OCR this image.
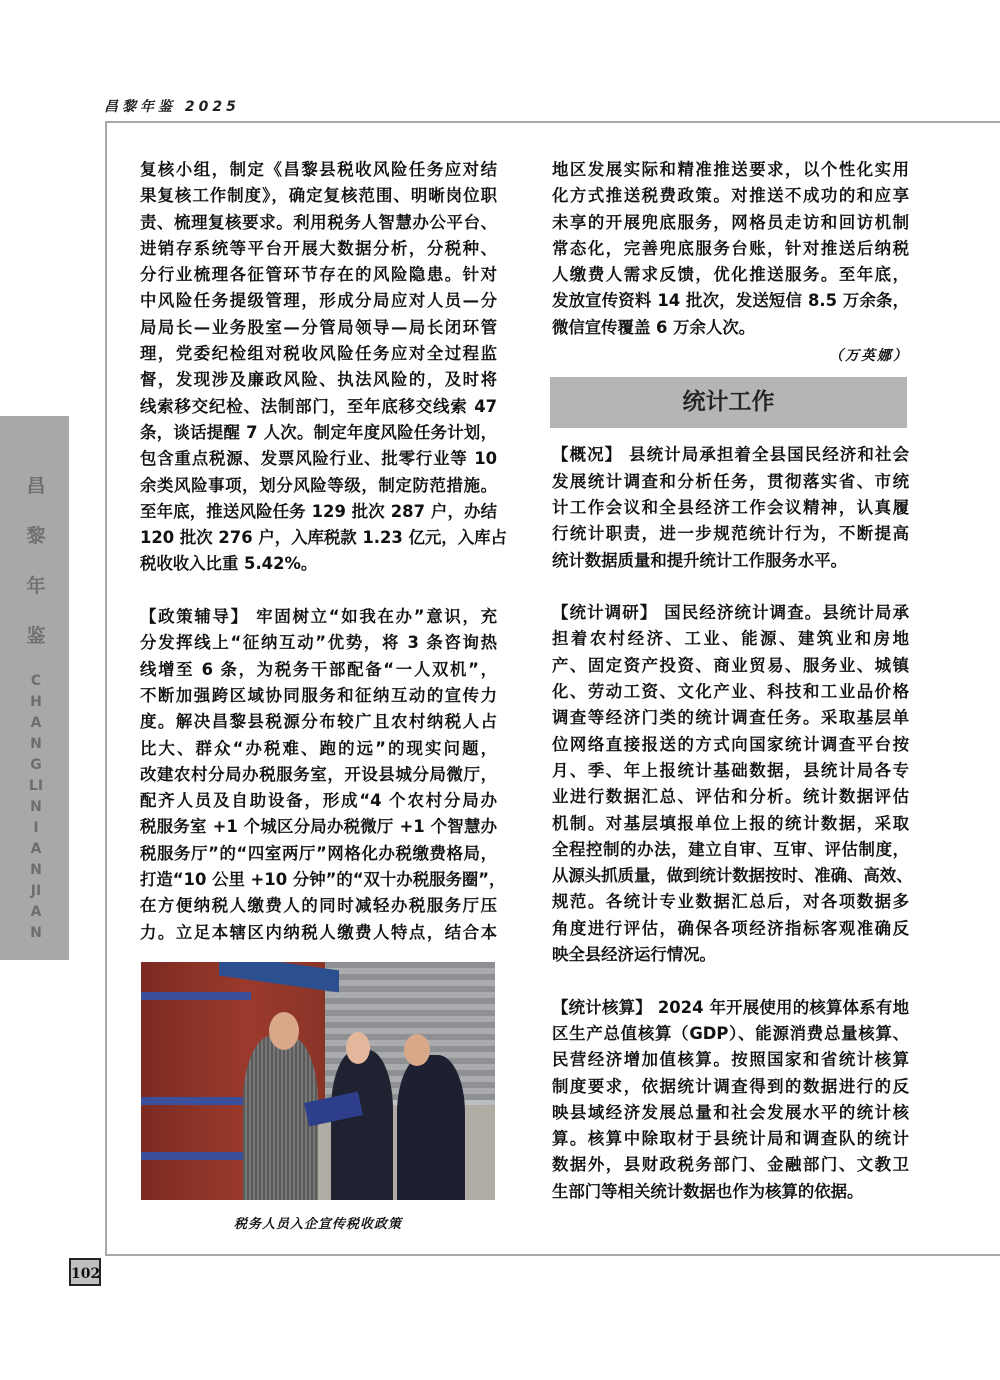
昌黎年鉴 2025
昌
黎
年
鉴
CHANGLINIANJIAN
102
复核小组，制定《昌黎县税收风险任务应对结
果复核工作制度》，确定复核范围、明晰岗位职
责、梳理复核要求。利用税务人智慧办公平台、
进销存系统等平台开展大数据分析，分税种、
分行业梳理各征管环节存在的风险隐患。针对
中风险任务提级管理，形成分局应对人员—分
局局长—业务股室—分管局领导—局长闭环管
理，党委纪检组对税收风险任务应对全过程监
督，发现涉及廉政风险、执法风险的，及时将
线索移交纪检、法制部门，至年底移交线索 47
条，谈话提醒 7 人次。制定年度风险任务计划，
包含重点税源、发票风险行业、批零行业等 10
余类风险事项，划分风险等级，制定防范措施。
至年底，推送风险任务 129 批次 287 户，办结
120 批次 276 户，入库税款 1.23 亿元，入库占
税收收入比重 5.42%。
【政策辅导】 牢固树立“如我在办”意识，充
分发挥线上“征纳互动”优势，将 3 条咨询热
线增至 6 条，为税务干部配备“一人双机”，
不断加强跨区域协同服务和征纳互动的宣传力
度。解决昌黎县税源分布较广且农村纳税人占
比大、群众“办税难、跑的远”的现实问题，
改建农村分局办税服务室，开设县城分局微厅，
配齐人员及自助设备，形成“4 个农村分局办
税服务室 +1 个城区分局办税微厅 +1 个智慧办
税服务厅”的“四室两厅”网格化办税缴费格局，
打造“10 公里 +10 分钟”的“双十办税服务圈”，
在方便纳税人缴费人的同时减轻办税服务厅压
力。立足本辖区内纳税人缴费人特点，结合本
税务人员入企宣传税收政策
地区发展实际和精准推送要求，以个性化实用
化方式推送税费政策。对推送不成功的和应享
未享的开展兜底服务，网格员走访和回访机制
常态化，完善兜底服务台账，针对推送后纳税
人缴费人需求反馈，优化推送服务。至年底，
发放宣传资料 14 批次，发送短信 8.5 万余条，
微信宣传覆盖 6 万余人次。
（万英娜）
统计工作
【概况】 县统计局承担着全县国民经济和社会
发展统计调查和分析任务，贯彻落实省、市统
计工作会议和全县经济工作会议精神，认真履
行统计职责，进一步规范统计行为，不断提高
统计数据质量和提升统计工作服务水平。
【统计调研】 国民经济统计调查。县统计局承
担着农村经济、工业、能源、建筑业和房地
产、固定资产投资、商业贸易、服务业、城镇
化、劳动工资、文化产业、科技和工业品价格
调查等经济门类的统计调查任务。采取基层单
位网络直接报送的方式向国家统计调查平台按
月、季、年上报统计基础数据，县统计局各专
业进行数据汇总、评估和分析。统计数据评估
机制。对基层填报单位上报的统计数据，采取
全程控制的办法，建立自审、互审、评估制度，
从源头抓质量，做到统计数据按时、准确、高效、
规范。各统计专业数据汇总后，对各项数据多
角度进行评估，确保各项经济指标客观准确反
映全县经济运行情况。
【统计核算】 2024 年开展使用的核算体系有地
区生产总值核算（GDP）、能源消费总量核算、
民营经济增加值核算。按照国家和省统计核算
制度要求，依据统计调查得到的数据进行的反
映县域经济发展总量和社会发展水平的统计核
算。核算中除取材于县统计局和调查队的统计
数据外，县财政税务部门、金融部门、文教卫
生部门等相关统计数据也作为核算的依据。
